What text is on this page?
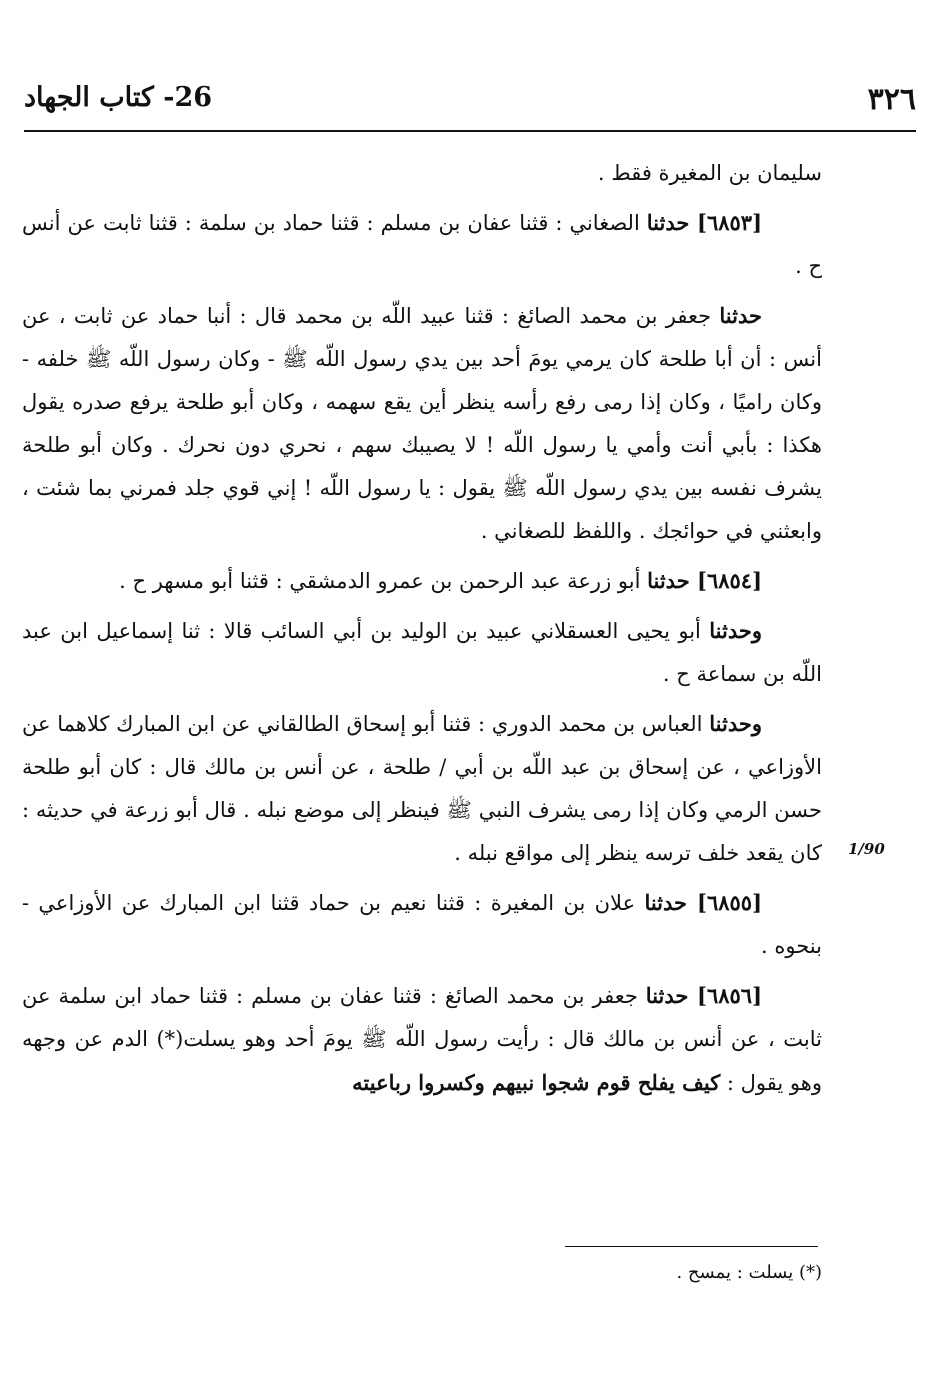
٣٢٦
26- كتاب الجهاد

سليمان بن المغيرة فقط .

[٦٨٥٣] حدثنا الصغاني : قثنا عفان بن مسلم : قثنا حماد بن سلمة : قثنا ثابت عن أنس ح .

حدثنا جعفر بن محمد الصائغ : قثنا عبيد اللّه بن محمد قال : أنبا حماد عن ثابت ، عن أنس : أن أبا طلحة كان يرمي يومَ أحد بين يدي رسول اللّه ﷺ - وكان رسول اللّه ﷺ خلفه - وكان راميًا ، وكان إذا رمى رفع رأسه ينظر أين يقع سهمه ، وكان أبو طلحة يرفع صدره يقول هكذا : بأبي أنت وأمي يا رسول اللّه ! لا يصيبك سهم ، نحري دون نحرك . وكان أبو طلحة يشرف نفسه بين يدي رسول اللّه ﷺ يقول : يا رسول اللّه ! إني قوي جلد فمرني بما شئت ، وابعثني في حوائجك . واللفظ للصغاني .

[٦٨٥٤] حدثنا أبو زرعة عبد الرحمن بن عمرو الدمشقي : قثنا أبو مسهر ح .

وحدثنا أبو يحيى العسقلاني عبيد بن الوليد بن أبي السائب قالا : ثنا إسماعيل ابن عبد اللّه بن سماعة ح .

وحدثنا العباس بن محمد الدوري : قثنا أبو إسحاق الطالقاني عن ابن المبارك كلاهما عن الأوزاعي ، عن إسحاق بن عبد اللّه بن أبي / طلحة ، عن أنس بن مالك قال : كان أبو طلحة حسن الرمي وكان إذا رمى يشرف النبي ﷺ فينظر إلى موضع نبله . قال أبو زرعة في حديثه : كان يقعد خلف ترسه ينظر إلى مواقع نبله .

[٦٨٥٥] حدثنا علان بن المغيرة : قثنا نعيم بن حماد قثنا ابن المبارك عن الأوزاعي - بنحوه .

[٦٨٥٦] حدثنا جعفر بن محمد الصائغ : قثنا عفان بن مسلم : قثنا حماد ابن سلمة عن ثابت ، عن أنس بن مالك قال : رأيت رسول اللّه ﷺ يومَ أحد وهو يسلت(*) الدم عن وجهه وهو يقول : كيف يفلح قوم شجوا نبيهم وكسروا رباعيته

1/90
(*) يسلت : يمسح .
